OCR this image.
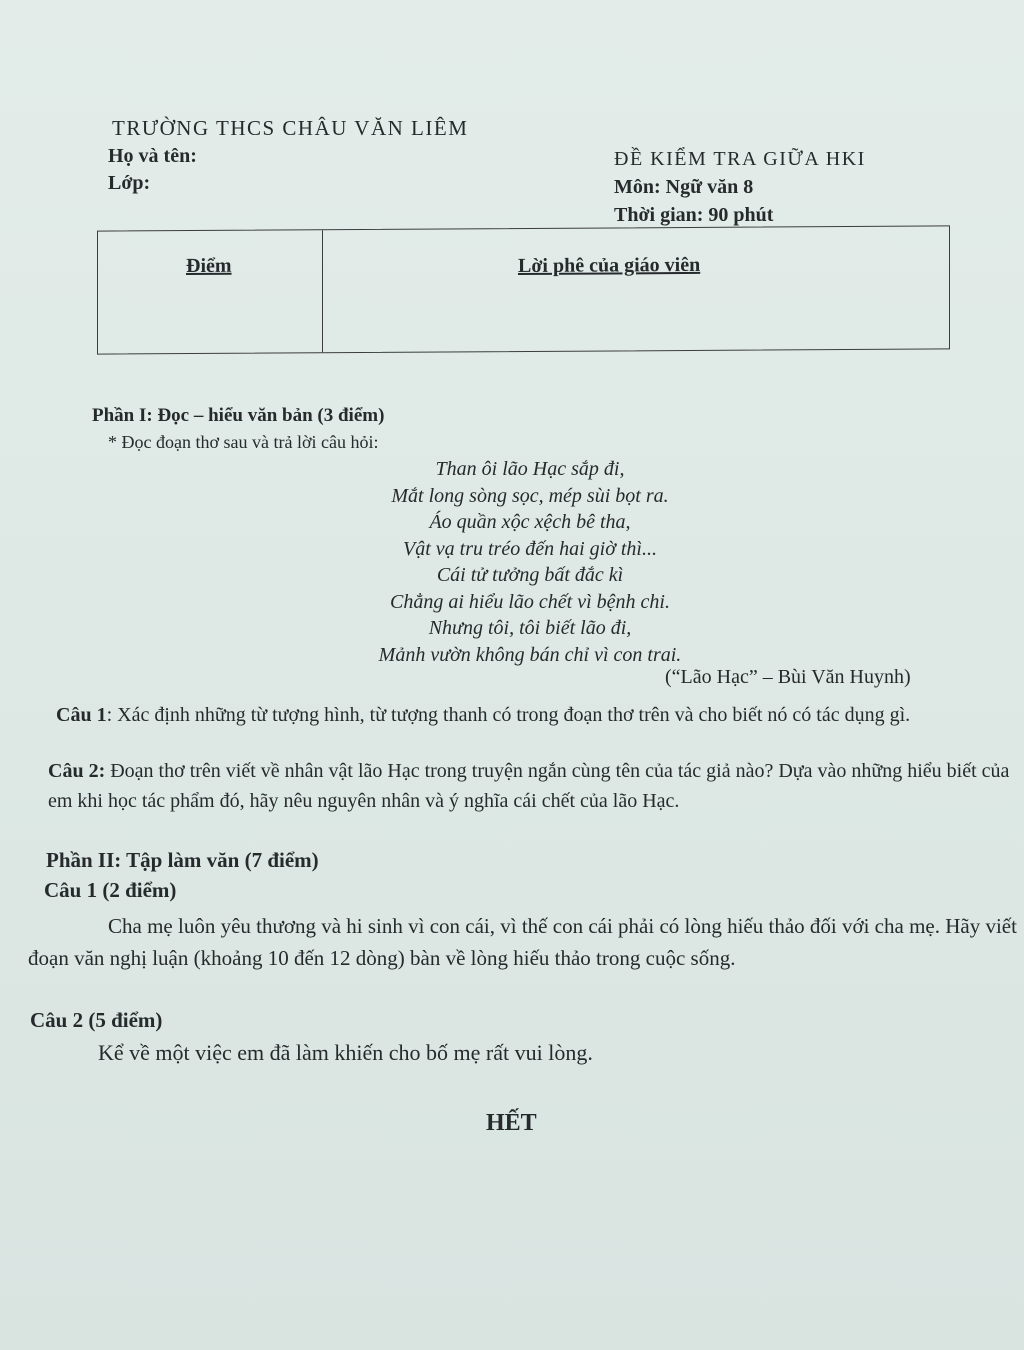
TRƯỜNG THCS CHÂU VĂN LIÊM
Họ và tên:
Lớp:
ĐỀ KIỂM TRA GIỮA HKI
Môn: Ngữ văn 8
Thời gian: 90 phút
Điểm	Lời phê của giáo viên
Phần I: Đọc – hiểu văn bản (3 điểm)
* Đọc đoạn thơ sau và trả lời câu hỏi:
Than ôi lão Hạc sắp đi,
Mắt long sòng sọc, mép sùi bọt ra.
Áo quần xộc xệch bê tha,
Vật vạ tru tréo đến hai giờ thì...
Cái tử tưởng bất đắc kì
Chẳng ai hiểu lão chết vì bệnh chi.
Nhưng tôi, tôi biết lão đi,
Mảnh vườn không bán chỉ vì con trai.
(“Lão Hạc” – Bùi Văn Huynh)
Câu 1: Xác định những từ tượng hình, từ tượng thanh có trong đoạn thơ trên và cho biết nó có tác dụng gì.
Câu 2: Đoạn thơ trên viết về nhân vật lão Hạc trong truyện ngắn cùng tên của tác giả nào? Dựa vào những hiểu biết của em khi học tác phẩm đó, hãy nêu nguyên nhân và ý nghĩa cái chết của lão Hạc.
Phần II: Tập làm văn (7 điểm)
Câu 1 (2 điểm)
Cha mẹ luôn yêu thương và hi sinh vì con cái, vì thế con cái phải có lòng hiếu thảo đối với cha mẹ. Hãy viết đoạn văn nghị luận (khoảng 10 đến 12 dòng) bàn về lòng hiếu thảo trong cuộc sống.
Câu 2 (5 điểm)
Kể về một việc em đã làm khiến cho bố mẹ rất vui lòng.
HẾT
